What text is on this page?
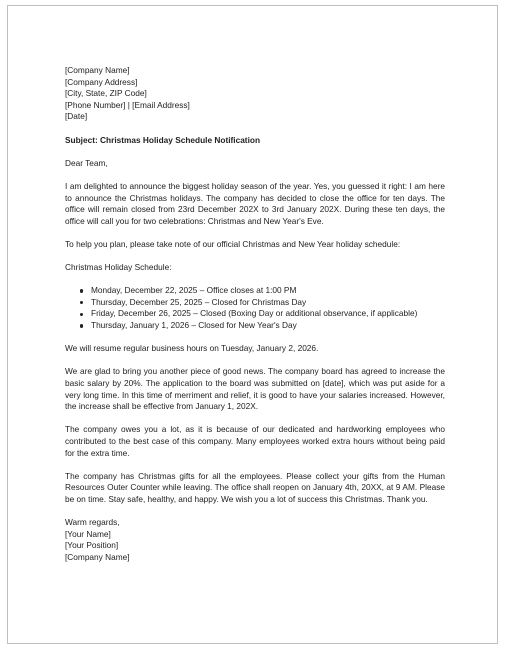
[Company Name]
[Company Address]
[City, State, ZIP Code]
[Phone Number] | [Email Address]
[Date]

Subject: Christmas Holiday Schedule Notification

Dear Team,

I am delighted to announce the biggest holiday season of the year. Yes, you guessed it right: I am here to announce the Christmas holidays. The company has decided to close the office for ten days. The office will remain closed from 23rd December 202X to 3rd January 202X. During these ten days, the office will call you for two celebrations: Christmas and New Year's Eve.

To help you plan, please take note of our official Christmas and New Year holiday schedule:

Christmas Holiday Schedule:

Monday, December 22, 2025 – Office closes at 1:00 PM
Thursday, December 25, 2025 – Closed for Christmas Day
Friday, December 26, 2025 – Closed (Boxing Day or additional observance, if applicable)
Thursday, January 1, 2026 – Closed for New Year's Day

We will resume regular business hours on Tuesday, January 2, 2026.

We are glad to bring you another piece of good news. The company board has agreed to increase the basic salary by 20%. The application to the board was submitted on [date], which was put aside for a very long time. In this time of merriment and relief, it is good to have your salaries increased. However, the increase shall be effective from January 1, 202X.

The company owes you a lot, as it is because of our dedicated and hardworking employees who contributed to the best case of this company. Many employees worked extra hours without being paid for the extra time.

The company has Christmas gifts for all the employees. Please collect your gifts from the Human Resources Outer Counter while leaving. The office shall reopen on January 4th, 20XX, at 9 AM. Please be on time. Stay safe, healthy, and happy. We wish you a lot of success this Christmas. Thank you.

Warm regards,
[Your Name]
[Your Position]
[Company Name]
